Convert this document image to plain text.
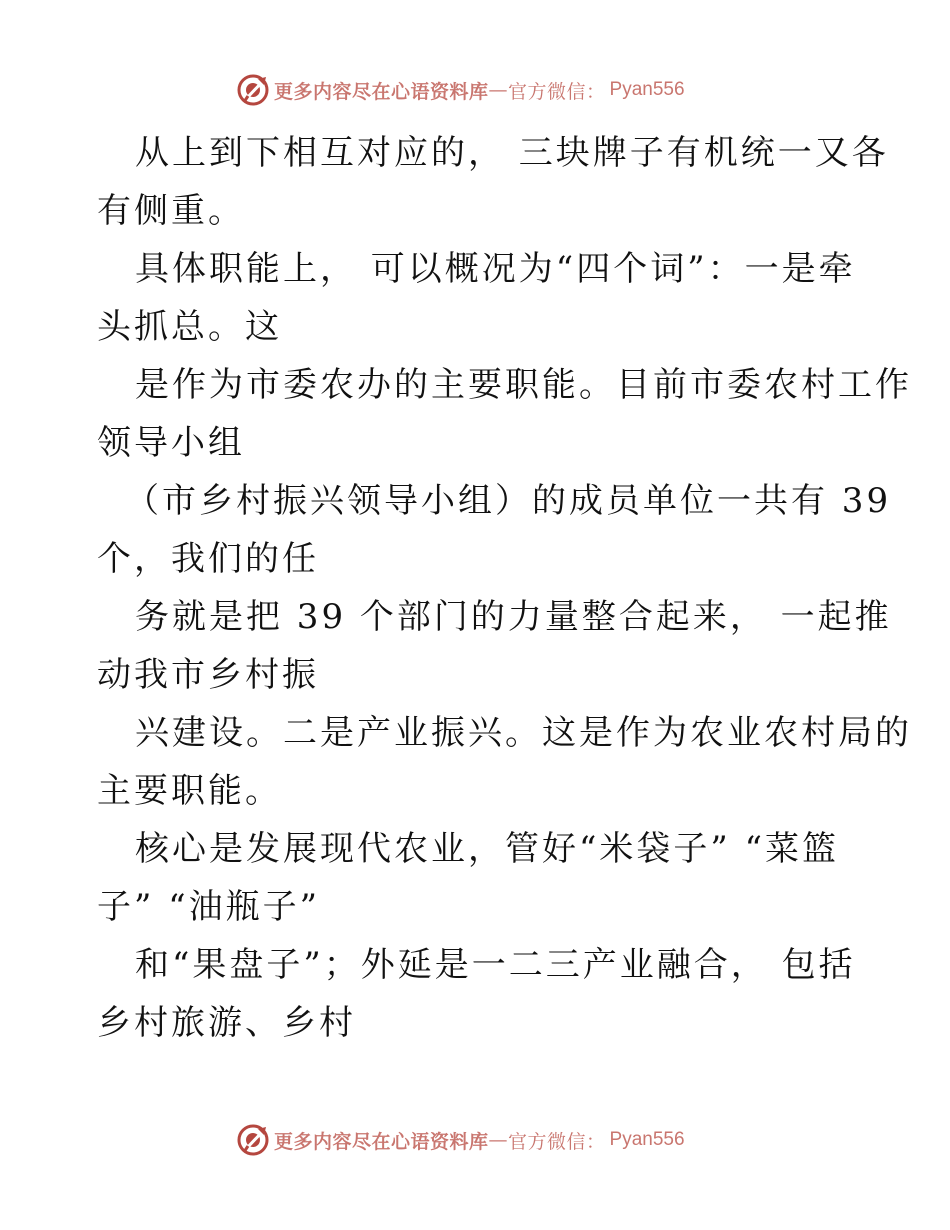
更多内容尽在心语资料库 — 官方微信： Pyan556

从上到下相互对应的， 三块牌子有机统一又各
有侧重。

具体职能上， 可以概况为“四个词”：一是牵
头抓总。这

是作为市委农办的主要职能。目前市委农村工作
领导小组

（市乡村振兴领导小组）的成员单位一共有 39
个，我们的任

务就是把 39 个部门的力量整合起来， 一起推
动我市乡村振

兴建设。二是产业振兴。这是作为农业农村局的
主要职能。

核心是发展现代农业，管好“米袋子” “菜篮
子” “油瓶子”

和“果盘子”；外延是一二三产业融合， 包括
乡村旅游、乡村

更多内容尽在心语资料库 — 官方微信： Pyan556
